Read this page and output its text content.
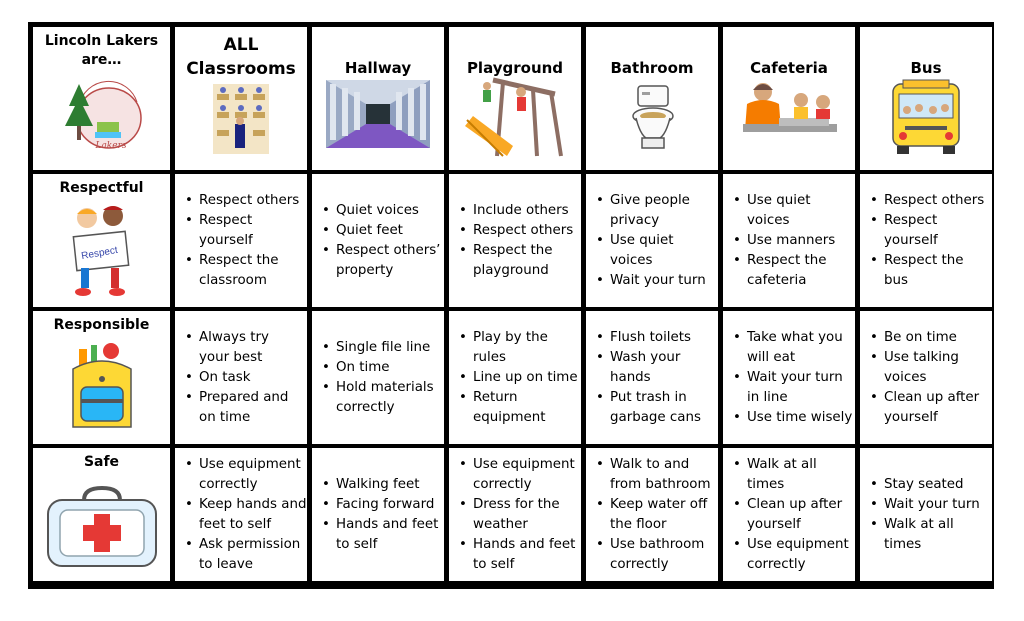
Lincoln Lakers
are…
Lakers
ALL
Classrooms	Hallway	Playground	Bathroom	Cafeteria	Bus
Respectful
Respect
• Respect others
• Respect
yourself
• Respect the
classroom
• Quiet voices
• Quiet feet
• Respect others’
property
• Include others
• Respect others
• Respect the
playground
• Give people
privacy
• Use quiet
voices
• Wait your turn
• Use quiet
voices
• Use manners
• Respect the
cafeteria
• Respect others
• Respect
yourself
• Respect the
bus
Responsible
• Always try
your best
• On task
• Prepared and
on time
• Single file line
• On time
• Hold materials
correctly
• Play by the
rules
• Line up on time
• Return
equipment
• Flush toilets
• Wash your
hands
• Put trash in
garbage cans
• Take what you
will eat
• Wait your turn
in line
• Use time wisely
• Be on time
• Use talking
voices
• Clean up after
yourself
Safe
•	Use equipment
correctly
• Keep hands and
feet to self
• Ask permission
to leave
• Walking feet
• Facing forward
• Hands and feet
to self
• Use equipment
correctly
• Dress for the
weather
• Hands and feet
to self
• Walk to and
from bathroom
• Keep water off
the floor
• Use bathroom
correctly
• Walk at all
times
• Clean up after
yourself
• Use equipment
correctly
• Stay seated
• Wait your turn
• Walk at all
times
